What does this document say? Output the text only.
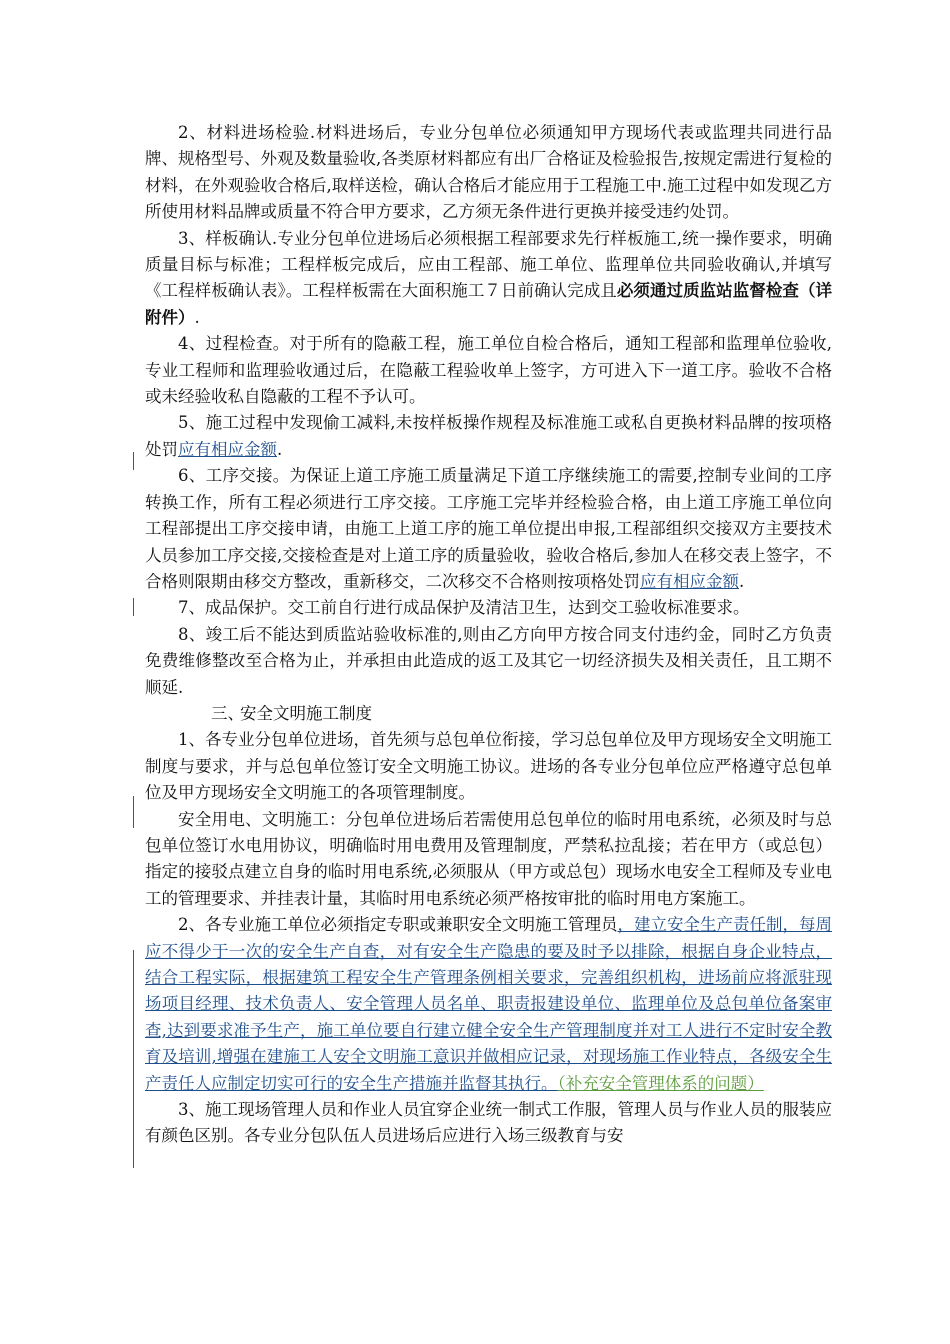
2、材料进场检验.材料进场后，专业分包单位必须通知甲方现场代表或监理共同进行品牌、规格型号、外观及数量验收,各类原材料都应有出厂合格证及检验报告,按规定需进行复检的材料，在外观验收合格后,取样送检，确认合格后才能应用于工程施工中.施工过程中如发现乙方所使用材料品牌或质量不符合甲方要求，乙方须无条件进行更换并接受违约处罚。

3、样板确认.专业分包单位进场后必须根据工程部要求先行样板施工,统一操作要求，明确质量目标与标准；工程样板完成后，应由工程部、施工单位、监理单位共同验收确认,并填写《工程样板确认表》。工程样板需在大面积施工７日前确认完成且必须通过质监站监督检查（详附件）.

4、过程检查。对于所有的隐蔽工程，施工单位自检合格后，通知工程部和监理单位验收,专业工程师和监理验收通过后，在隐蔽工程验收单上签字，方可进入下一道工序。验收不合格或未经验收私自隐蔽的工程不予认可。

5、施工过程中发现偷工减料,未按样板操作规程及标准施工或私自更换材料品牌的按项格处罚应有相应金额.

6、工序交接。为保证上道工序施工质量满足下道工序继续施工的需要,控制专业间的工序转换工作，所有工程必须进行工序交接。工序施工完毕并经检验合格，由上道工序施工单位向工程部提出工序交接申请，由施工上道工序的施工单位提出申报,工程部组织交接双方主要技术人员参加工序交接,交接检查是对上道工序的质量验收，验收合格后,参加人在移交表上签字，不合格则限期由移交方整改，重新移交，二次移交不合格则按项格处罚应有相应金额.

7、成品保护。交工前自行进行成品保护及清洁卫生，达到交工验收标准要求。

8、竣工后不能达到质监站验收标准的,则由乙方向甲方按合同支付违约金，同时乙方负责免费维修整改至合格为止，并承担由此造成的返工及其它一切经济损失及相关责任，且工期不顺延.

三、安全文明施工制度

1、各专业分包单位进场，首先须与总包单位衔接，学习总包单位及甲方现场安全文明施工制度与要求，并与总包单位签订安全文明施工协议。进场的各专业分包单位应严格遵守总包单位及甲方现场安全文明施工的各项管理制度。

安全用电、文明施工：分包单位进场后若需使用总包单位的临时用电系统，必须及时与总包单位签订水电用协议，明确临时用电费用及管理制度，严禁私拉乱接；若在甲方（或总包）指定的接驳点建立自身的临时用电系统,必须服从（甲方或总包）现场水电安全工程师及专业电工的管理要求、并挂表计量，其临时用电系统必须严格按审批的临时用电方案施工。

2、各专业施工单位必须指定专职或兼职安全文明施工管理员，建立安全生产责任制，每周应不得少于一次的安全生产自查，对有安全生产隐患的要及时予以排除，根据自身企业特点，结合工程实际，根据建筑工程安全生产管理条例相关要求，完善组织机构，进场前应将派驻现场项目经理、技术负责人、安全管理人员名单、职责报建设单位、监理单位及总包单位备案审查,达到要求准予生产，施工单位要自行建立健全安全生产管理制度并对工人进行不定时安全教育及培训,增强在建施工人安全文明施工意识并做相应记录，对现场施工作业特点，各级安全生产责任人应制定切实可行的安全生产措施并监督其执行。（补充安全管理体系的问题）

3、施工现场管理人员和作业人员宜穿企业统一制式工作服，管理人员与作业人员的服装应有颜色区别。各专业分包队伍人员进场后应进行入场三级教育与安
